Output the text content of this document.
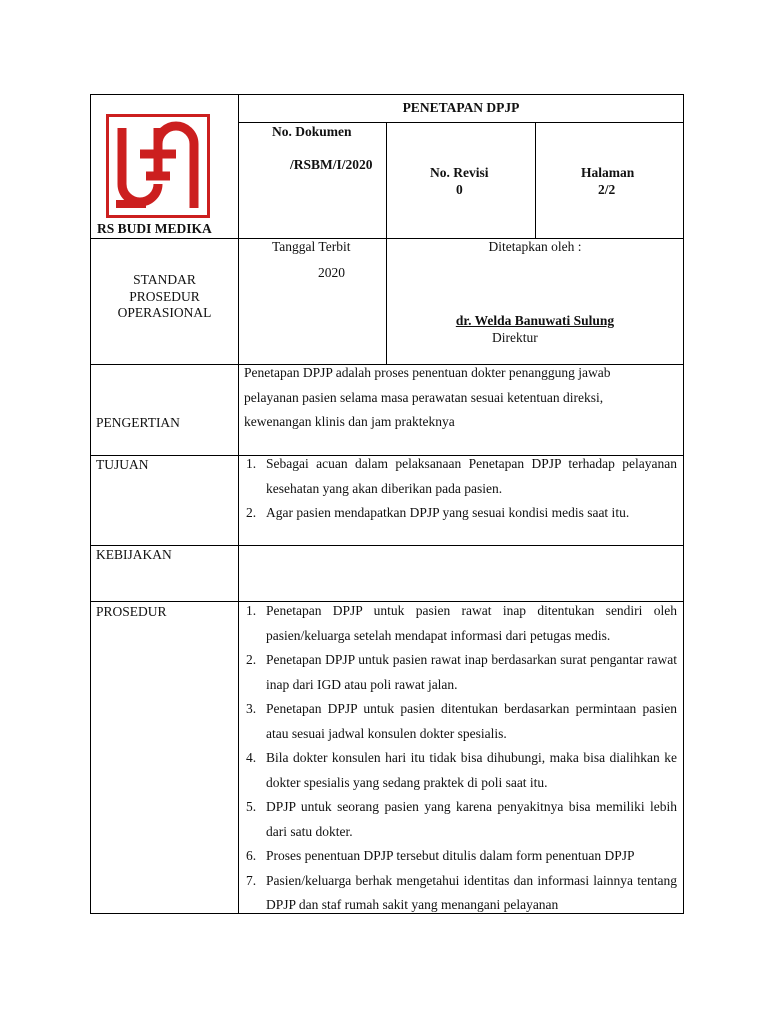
RS BUDI MEDIKA
PENETAPAN DPJP
No. Dokumen
/RSBM/I/2020
No. Revisi
0
Halaman
2/2
STANDAR
PROSEDUR
OPERASIONAL
Tanggal Terbit
2020
Ditetapkan oleh :
dr. Welda Banuwati Sulung
Direktur
PENGERTIAN
Penetapan DPJP adalah proses penentuan dokter penanggung jawab pelayanan pasien selama masa perawatan sesuai ketentuan direksi, kewenangan klinis dan jam prakteknya
TUJUAN	1. Sebagai acuan dalam pelaksanaan Penetapan DPJP terhadap pelayanan kesehatan yang akan diberikan pada pasien.
2. Agar pasien mendapatkan DPJP yang sesuai kondisi medis saat itu.
KEBIJAKAN
PROSEDUR	1. Penetapan DPJP untuk pasien rawat inap ditentukan sendiri oleh pasien/keluarga setelah mendapat informasi dari petugas medis.
2. Penetapan DPJP untuk pasien rawat inap berdasarkan surat pengantar rawat inap dari IGD atau poli rawat jalan.
3. Penetapan DPJP untuk pasien ditentukan berdasarkan permintaan pasien atau sesuai jadwal konsulen dokter spesialis.
4. Bila dokter konsulen hari itu tidak bisa dihubungi, maka bisa dialihkan ke dokter spesialis yang sedang praktek di poli saat itu.
5. DPJP untuk seorang pasien yang karena penyakitnya bisa memiliki lebih dari satu dokter.
6. Proses penentuan DPJP tersebut ditulis dalam form penentuan DPJP
7. Pasien/keluarga berhak mengetahui identitas dan informasi lainnya tentang DPJP dan staf rumah sakit yang menangani pelayanan
